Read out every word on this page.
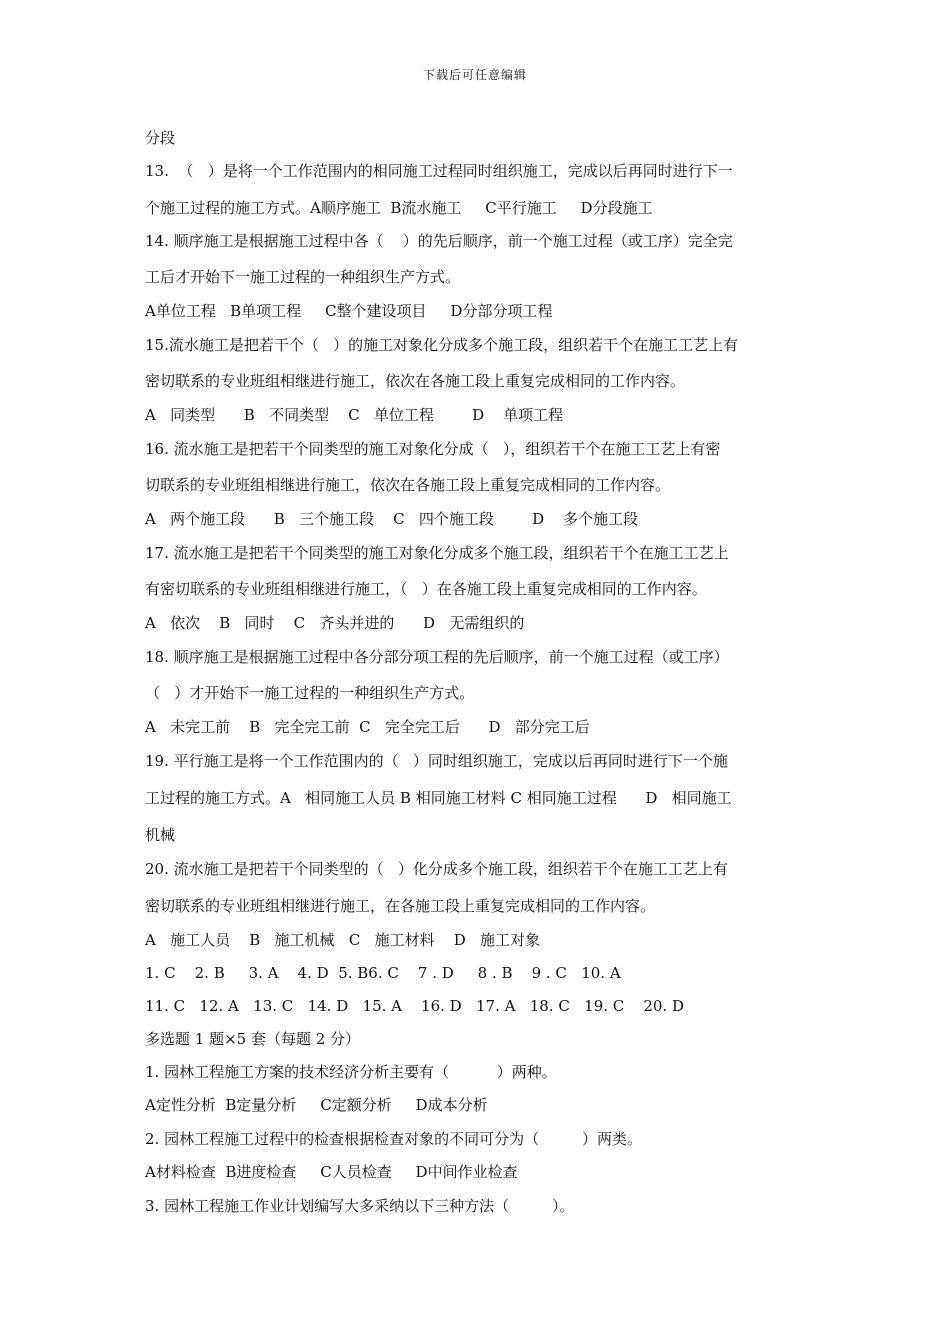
下载后可任意编辑
分段
13.  （   ）是将一个工作范围内的相同施工过程同时组织施工，完成以后再同时进行下一
个施工过程的施工方式。A顺序施工  B流水施工     C平行施工     D分段施工
14. 顺序施工是根据施工过程中各（    ）的先后顺序，前一个施工过程（或工序）完全完
工后才开始下一施工过程的一种组织生产方式。
A单位工程   B单项工程     C整个建设项目     D分部分项工程
15.流水施工是把若干个（   ）的施工对象化分成多个施工段，组织若干个在施工工艺上有
密切联系的专业班组相继进行施工，依次在各施工段上重复完成相同的工作内容。
A   同类型      B   不同类型    C   单位工程        D    单项工程
16. 流水施工是把若干个同类型的施工对象化分成（   ），组织若干个在施工工艺上有密
切联系的专业班组相继进行施工，依次在各施工段上重复完成相同的工作内容。
A   两个施工段      B   三个施工段    C   四个施工段        D    多个施工段
17. 流水施工是把若干个同类型的施工对象化分成多个施工段，组织若干个在施工工艺上
有密切联系的专业班组相继进行施工，（   ）在各施工段上重复完成相同的工作内容。
A   依次    B   同时    C   齐头并进的      D   无需组织的
18. 顺序施工是根据施工过程中各分部分项工程的先后顺序，前一个施工过程（或工序）
（   ）才开始下一施工过程的一种组织生产方式。
A   未完工前    B   完全完工前  C   完全完工后      D   部分完工后
19. 平行施工是将一个工作范围内的（   ）同时组织施工，完成以后再同时进行下一个施
工过程的施工方式。A   相同施工人员 B 相同施工材料 C 相同施工过程      D   相同施工
机械
20. 流水施工是把若干个同类型的（   ）化分成多个施工段，组织若干个在施工工艺上有
密切联系的专业班组相继进行施工，在各施工段上重复完成相同的工作内容。
A   施工人员    B   施工机械   C   施工材料    D   施工对象
1. C    2. B     3. A    4. D  5. B6. C    7 . D     8 . B    9 . C   10. A
11. C   12. A   13. C   14. D   15. A    16. D   17. A   18. C   19. C    20. D
多选题 1 题×5 套（每题 2 分）
1. 园林工程施工方案的技术经济分析主要有（          ）两种。
A定性分析  B定量分析     C定额分析     D成本分析
2. 园林工程施工过程中的检查根据检查对象的不同可分为（         ）两类。
A材料检查  B进度检查     C人员检查     D中间作业检查
3. 园林工程施工作业计划编写大多采纳以下三种方法（         ）。
